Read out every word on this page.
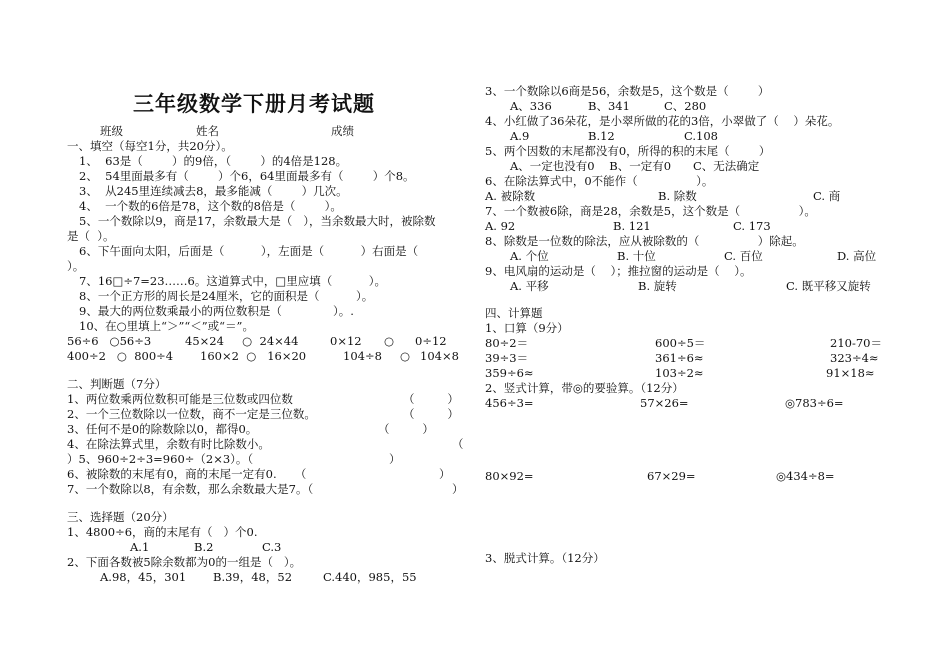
三年级数学下册月考试题
班级	姓名	成绩
一、填空（每空1分，共20分）。
1、  63是（        ）的9倍，（        ）的4倍是128。
2、  54里面最多有（        ）个6，64里面最多有（        ）个8。
3、  从245里连续减去8，最多能减（        ）几次。
4、  一个数的6倍是78，这个数的8倍是（        ）。
5、一个数除以9，商是17，余数最大是（   ），当余数最大时，被除数
是（  ）。
6、下午面向太阳，后面是（          ），左面是（          ）右面是（
）。
7、16□÷7=23……6。这道算式中，□里应填（          ）。
8、一个正方形的周长是24厘米，它的面积是（          ）。
9、最大的两位数乘最小的两位数积是（              ）。.
10、在○里填上“＞”“＜”或“＝”。
56÷6   ○56÷3	45×24     ○  24×44	0×12 ○ 0÷12
400÷2   ○  800÷4 160×2  ○   16×20	104÷8 ○ 104×8
二、判断题（7分）
1、两位数乘两位数积可能是三位数或四位数	（         ）
2、一个三位数除以一位数，商不一定是三位数。	（         ）
3、任何不是0的除数除以0，都得0。	（         ）
4、在除法算式里，余数有时比除数小。	（
）5、960÷2÷3=960÷（2×3）。（	）
6、被除数的末尾有0，商的末尾一定有0.     （	）
7、一个数除以8，有余数，那么余数最大是7。（	）
三、选择题（20分）
1、4800÷6，商的末尾有（   ）个0.
A.1	B.2	C.3
2、下面各数被5除余数都为0的一组是（   ）。
A.98，45，301 B.39，48，52	C.440，985，55
3、一个数除以6商是56，余数是5，这个数是（        ）
A、336	B、341	C、280
4、小红做了36朵花，是小翠所做的花的3倍，小翠做了（    ）朵花。
A.9	B.12	C.108
5、两个因数的末尾都没有0，所得的积的末尾（        ）
A、一定也没有0    B、一定有0      C、无法确定
6、在除法算式中，0不能作（                ）。
A. 被除数	B. 除数	C. 商
7、一个数被6除，商是28，余数是5，这个数是（                ）。
A. 92	B. 121	C. 173
8、除数是一位数的除法，应从被除数的（                ）除起。
A. 个位	B. 十位	C. 百位	D. 高位
9、电风扇的运动是（    ）；推拉窗的运动是（    ）。
A. 平移	B. 旋转	C. 既平移又旋转
四、计算题
1、口算（9分）
80÷2＝	600÷5＝	210-70＝
39÷3＝	361÷6≈	323÷4≈
359÷6≈	103÷2≈	91×18≈
2、竖式计算，带◎的要验算。（12分）
456÷3=	57×26=	◎783÷6=
80×92=	67×29=	◎434÷8=
3、脱式计算。（12分）
